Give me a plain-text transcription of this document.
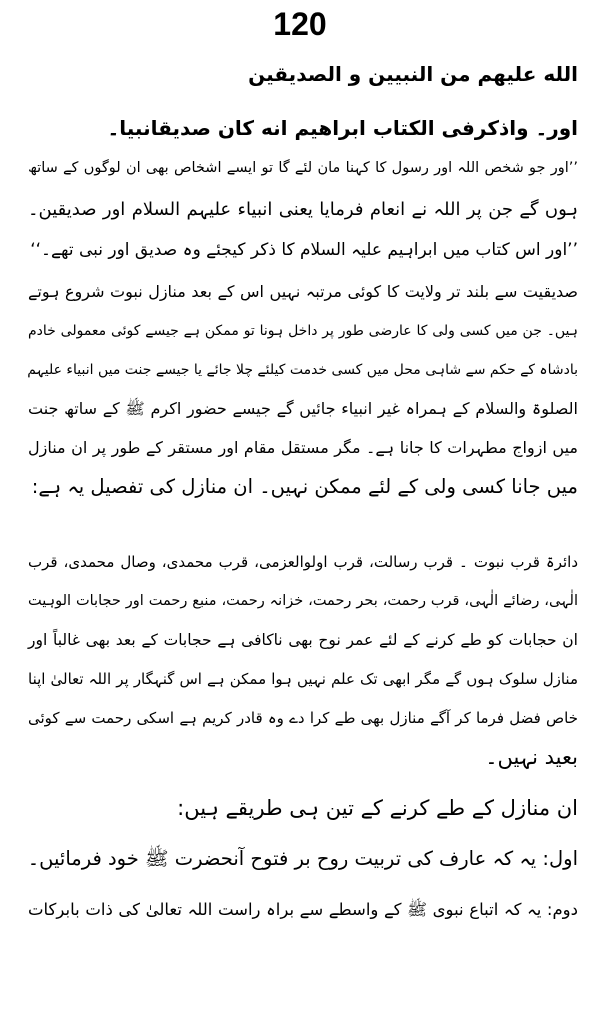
120
الله علیهم من النبیین و الصدیقین
اور۔ واذکرفی الکتاب ابراھیم انه کان صدیقانبیا۔
’’اور جو شخص اللہ اور رسول کا کہنا مان لئے گا تو ایسے اشخاص بھی ان لوگوں کے ساتھ
ہوں گے جن پر اللہ نے انعام فرمایا یعنی انبیاء علیہم السلام اور صدیقین۔
’’اور اس کتاب میں ابراہیم علیہ السلام کا ذکر کیجئے وہ صدیق اور نبی تھے۔‘‘
صدیقیت سے بلند تر ولایت کا کوئی مرتبہ نہیں اس کے بعد منازل نبوت شروع ہوتے
ہیں۔ جن میں کسی ولی کا عارضی طور پر داخل ہونا تو ممکن ہے جیسے کوئی معمولی خادم
بادشاہ کے حکم سے شاہی محل میں کسی خدمت کیلئے چلا جائے یا جیسے جنت میں انبیاء علیہم
الصلوۃ والسلام کے ہمراہ غیر انبیاء جائیں گے جیسے حضور اکرم ﷺ کے ساتھ جنت
میں ازواج مطہرات کا جانا ہے۔ مگر مستقل مقام اور مستقر کے طور پر ان منازل
میں جانا کسی ولی کے لئے ممکن نہیں۔ ان منازل کی تفصیل یہ ہے:
دائرۃ قرب نبوت ۔ قرب رسالت، قرب اولوالعزمی، قرب محمدی، وصال محمدی، قرب
الٰہی، رضائے الٰہی، قرب رحمت، بحر رحمت، خزانہ رحمت، منبع رحمت اور حجابات الوہیت
ان حجابات کو طے کرنے کے لئے عمر نوح بھی ناکافی ہے حجابات کے بعد بھی غالباً اور
منازل سلوک ہوں گے مگر ابھی تک علم نہیں ہوا ممکن ہے اس گنہگار پر اللہ تعالیٰ اپنا
خاص فضل فرما کر آگے منازل بھی طے کرا دے وہ قادر کریم ہے اسکی رحمت سے کوئی
بعید نہیں۔
ان منازل کے طے کرنے کے تین ہی طریقے ہیں:
اول: یہ کہ عارف کی تربیت روح بر فتوح آنحضرت ﷺ خود فرمائیں۔
دوم: یہ کہ اتباع نبوی ﷺ کے واسطے سے براہ راست اللہ تعالیٰ کی ذات بابرکات
